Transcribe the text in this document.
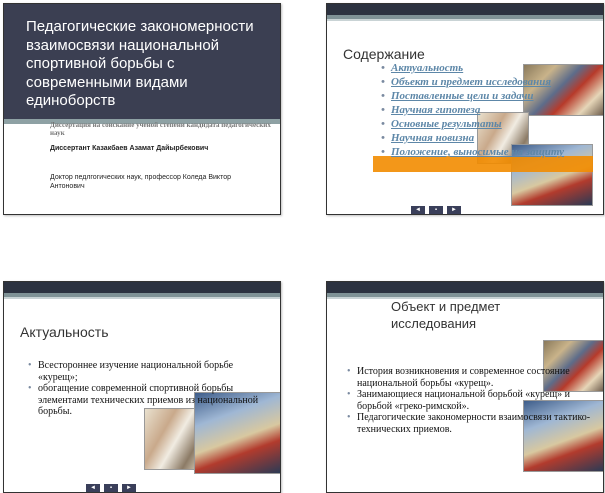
Педагогические закономерности взаимосвязи национальной спортивной борьбы с современными видами единоборств
Диссертация на соискание ученой степени кандидата педагогических наук
Диссертант Казакбаев Азамат Дайырбекович
Доктор педлгогических наук, профессор Коледа Виктор Антонович
Содержание
• Актуальность
• Объект и предмет исследования
• Поставленные цели и задачи
• Научная гипотеза
• Основные результаты
• Научная новизна
• Положение, выносимые на защиту
◄	▪	►
Актуальность
• Всестороннее изучение национальной борьбе «курещ»;
• обогащение современной спортивной борьбы элементами технических приемов из национальной борьбы.
◄	▪	►
Объект и предмет исследования
• История возникновения и современное состояние национальной борьбы «курещ».
• Занимающиеся национальной борьбой «курещ» и борьбой «греко-римской».
• Педагогические закономерности взаимосвязи тактико-технических приемов.
